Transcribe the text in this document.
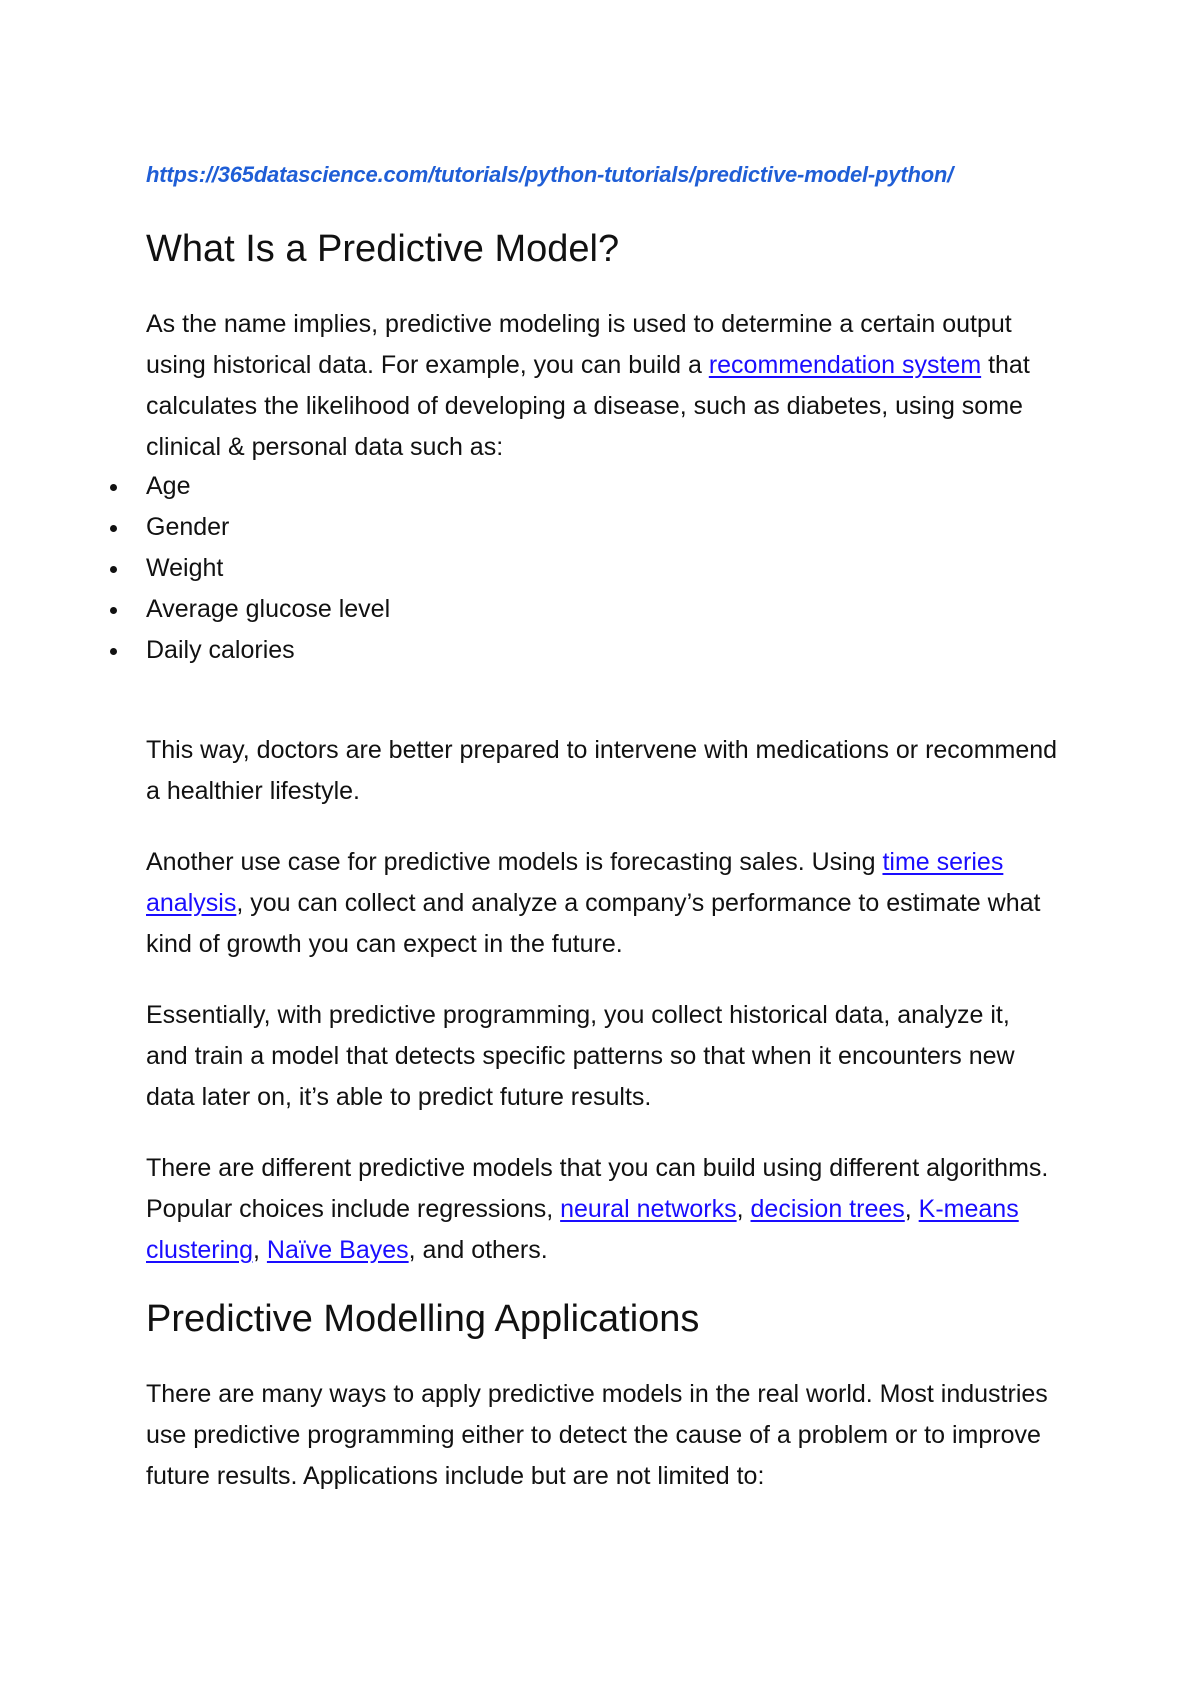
https://365datascience.com/tutorials/python-tutorials/predictive-model-python/
What Is a Predictive Model?

As the name implies, predictive modeling is used to determine a certain output using historical data. For example, you can build a recommendation system that calculates the likelihood of developing a disease, such as diabetes, using some clinical & personal data such as:

Age
Gender
Weight
Average glucose level
Daily calories

This way, doctors are better prepared to intervene with medications or recommend a healthier lifestyle.

Another use case for predictive models is forecasting sales. Using time series analysis, you can collect and analyze a company’s performance to estimate what kind of growth you can expect in the future.

Essentially, with predictive programming, you collect historical data, analyze it, and train a model that detects specific patterns so that when it encounters new data later on, it’s able to predict future results.

There are different predictive models that you can build using different algorithms. Popular choices include regressions, neural networks, decision trees, K-means clustering, Naïve Bayes, and others.

Predictive Modelling Applications

There are many ways to apply predictive models in the real world. Most industries use predictive programming either to detect the cause of a problem or to improve future results. Applications include but are not limited to:
